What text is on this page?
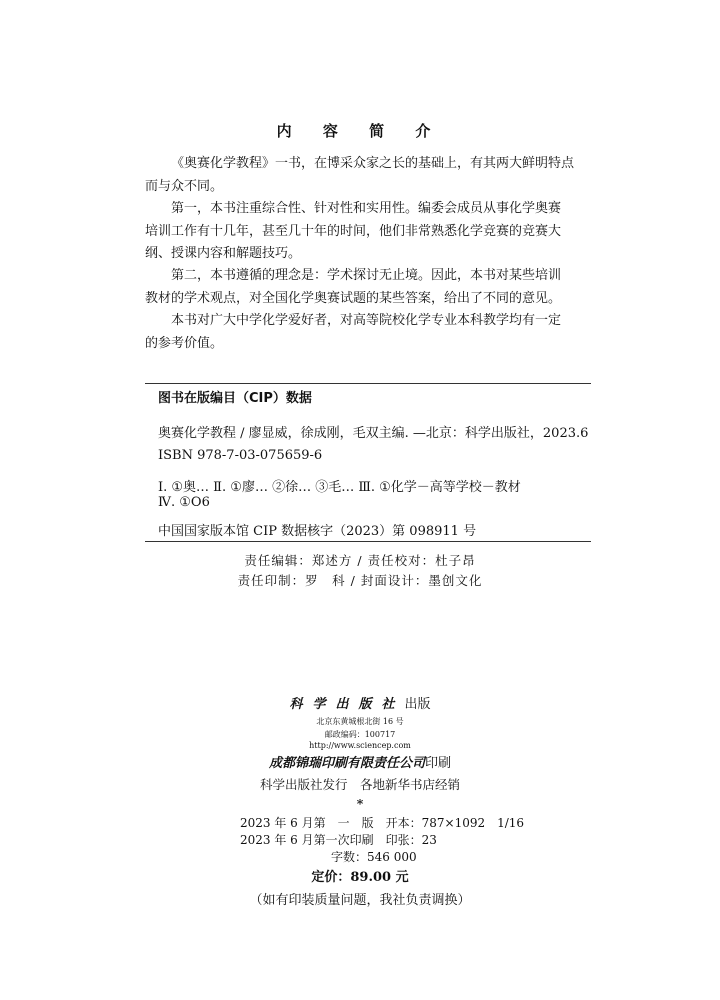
内 容 简 介
《奥赛化学教程》一书，在博采众家之长的基础上，有其两大鲜明特点
而与众不同。
第一，本书注重综合性、针对性和实用性。编委会成员从事化学奥赛
培训工作有十几年，甚至几十年的时间，他们非常熟悉化学竞赛的竞赛大
纲、授课内容和解题技巧。
第二，本书遵循的理念是：学术探讨无止境。因此，本书对某些培训
教材的学术观点，对全国化学奥赛试题的某些答案，给出了不同的意见。
本书对广大中学化学爱好者，对高等院校化学专业本科教学均有一定
的参考价值。
图书在版编目（CIP）数据
奥赛化学教程 / 廖显威，徐成刚，毛双主编. —北京：科学出版社，2023.6
ISBN 978-7-03-075659-6
Ⅰ. ①奥… Ⅱ. ①廖… ②徐… ③毛… Ⅲ. ①化学－高等学校－教材
Ⅳ. ①O6
中国国家版本馆 CIP 数据核字（2023）第 098911 号
责任编辑：郑述方 / 责任校对：杜子昂
责任印制：罗　科 / 封面设计：墨创文化
科学出版社出版
北京东黄城根北街 16 号
邮政编码：100717
http://www.sciencep.com
成都锦瑞印刷有限责任公司印刷
科学出版社发行　各地新华书店经销
*
2023 年 6 月第　一　版　开本：787×1092　1/16
2023 年 6 月第一次印刷　印张：23
字数：546 000
定价：89.00 元
（如有印装质量问题，我社负责调换）
